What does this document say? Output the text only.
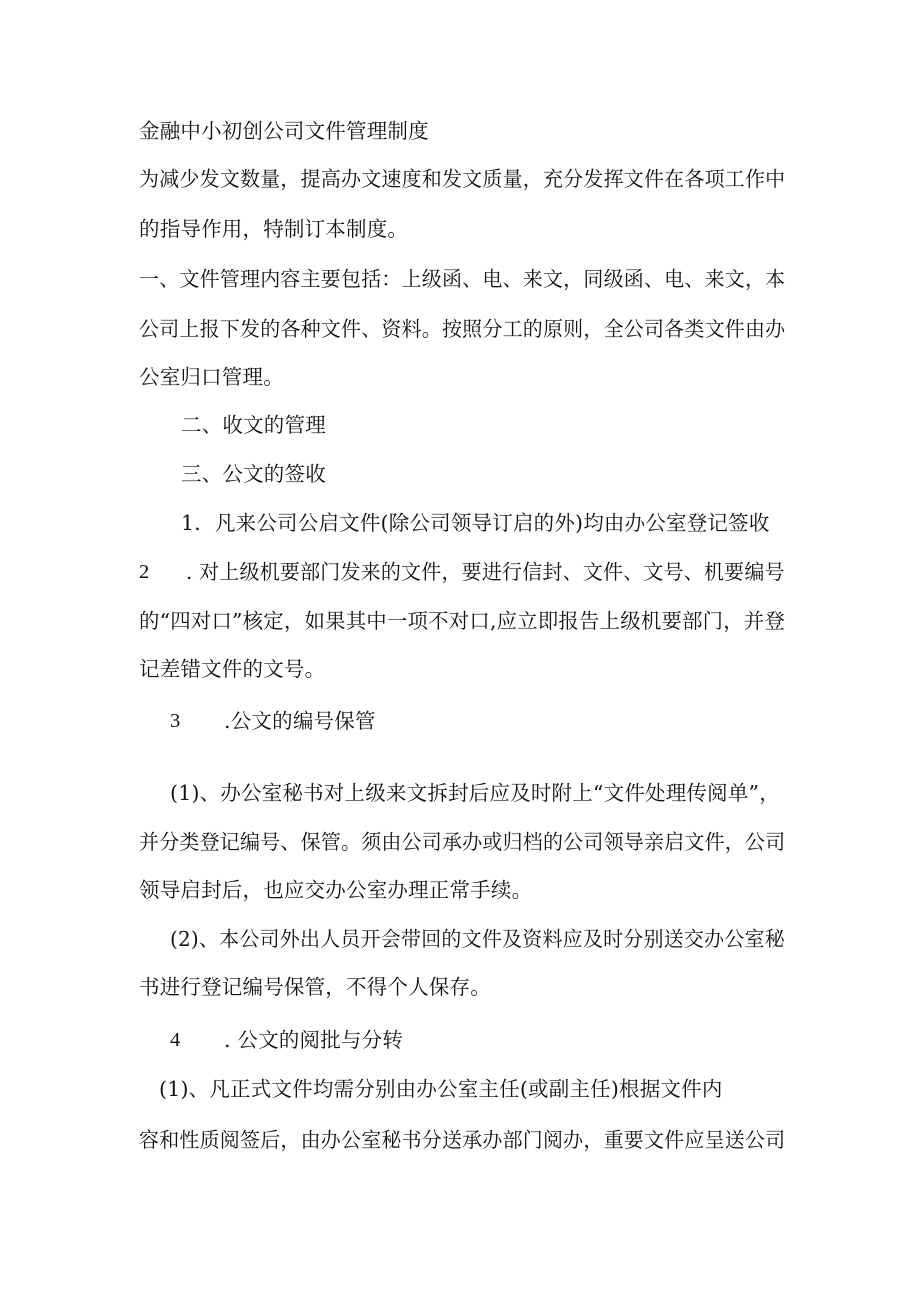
金融中小初创公司文件管理制度
为减少发文数量，提高办文速度和发文质量，充分发挥文件在各项工作中
的指导作用，特制订本制度。
一、文件管理内容主要包括：上级函、电、来文，同级函、电、来文，本
公司上报下发的各种文件、资料。按照分工的原则，全公司各类文件由办
公室归口管理。
二、收文的管理
三、公文的签收
1．凡来公司公启文件(除公司领导订启的外)均由办公室登记签收
2 . 对上级机要部门发来的文件，要进行信封、文件、文号、机要编号
的“四对口”核定，如果其中一项不对口,应立即报告上级机要部门，并登
记差错文件的文号。
3 .公文的编号保管
(1)、办公室秘书对上级来文拆封后应及时附上“文件处理传阅单”，
并分类登记编号、保管。须由公司承办或归档的公司领导亲启文件，公司
领导启封后，也应交办公室办理正常手续。
(2)、本公司外出人员开会带回的文件及资料应及时分别送交办公室秘
书进行登记编号保管，不得个人保存。
4 . 公文的阅批与分转
(1)、凡正式文件均需分别由办公室主任(或副主任)根据文件内
容和性质阅签后，由办公室秘书分送承办部门阅办，重要文件应呈送公司
